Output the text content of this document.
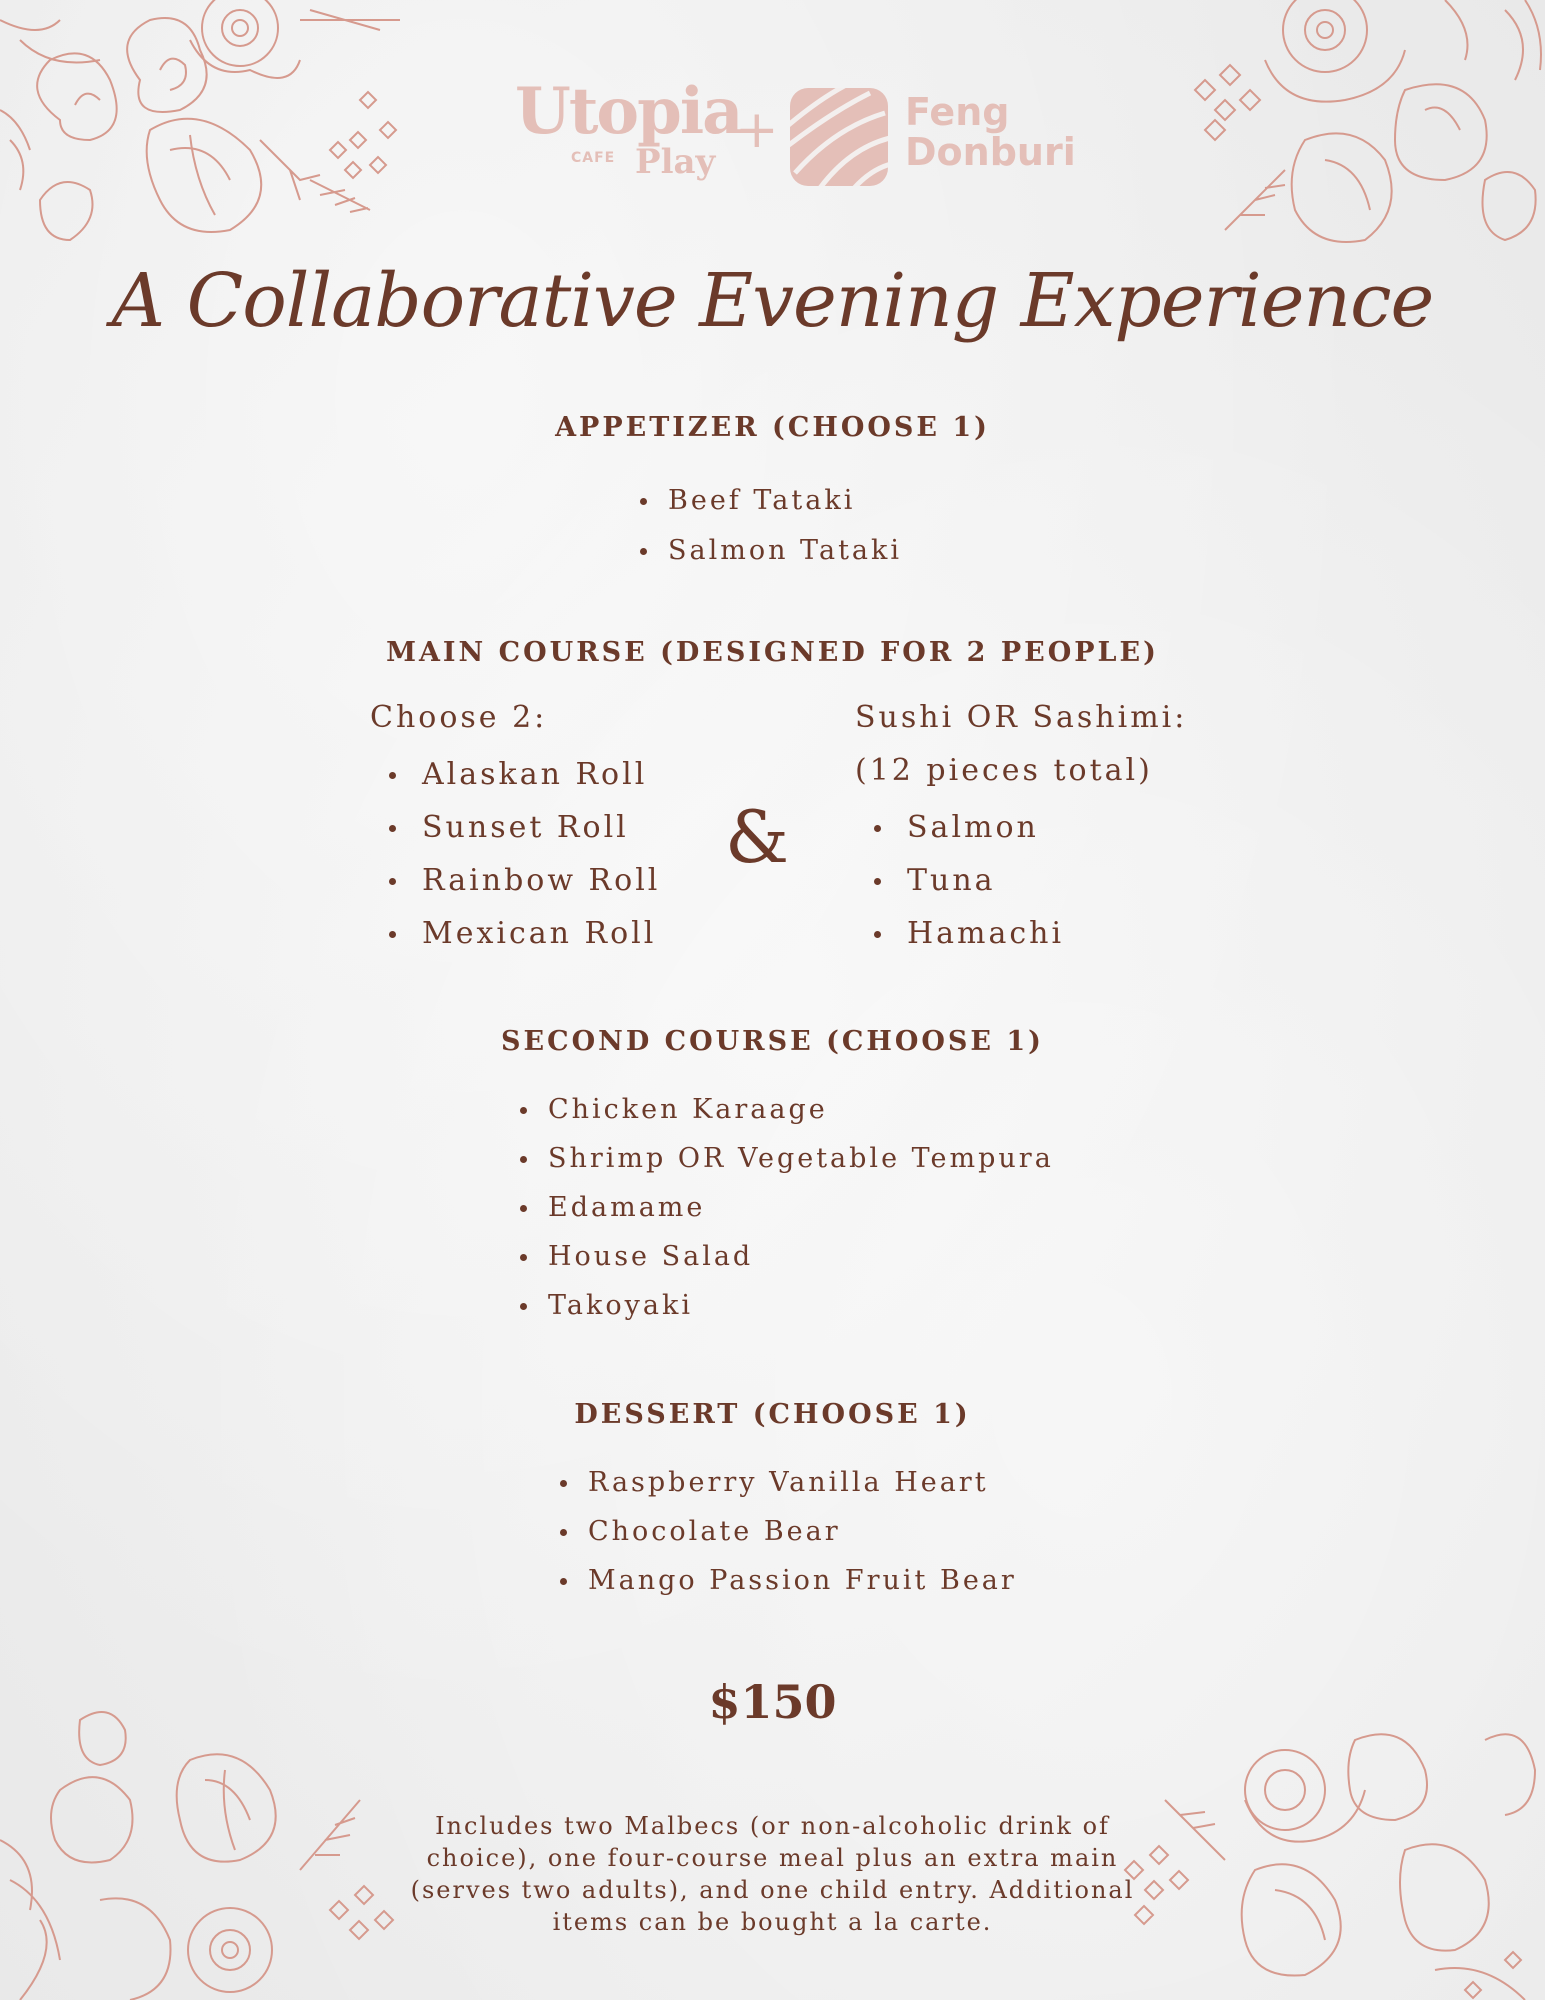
Utopia
CAFE Play
+	Feng
Donburi
A Collaborative Evening Experience
APPETIZER (CHOOSE 1)
Beef Tataki
Salmon Tataki
MAIN COURSE (DESIGNED FOR 2 PEOPLE)
Choose 2:
Alaskan Roll
Sunset Roll
Rainbow Roll
Mexican Roll
&
Sushi OR Sashimi:
(12 pieces total)
Salmon
Tuna
Hamachi
SECOND COURSE (CHOOSE 1)
Chicken Karaage
Shrimp OR Vegetable Tempura
Edamame
House Salad
Takoyaki
DESSERT (CHOOSE 1)
Raspberry Vanilla Heart
Chocolate Bear
Mango Passion Fruit Bear
$150
Includes two Malbecs (or non-alcoholic drink of choice), one four-course meal plus an extra main (serves two adults), and one child entry. Additional items can be bought a la carte.
